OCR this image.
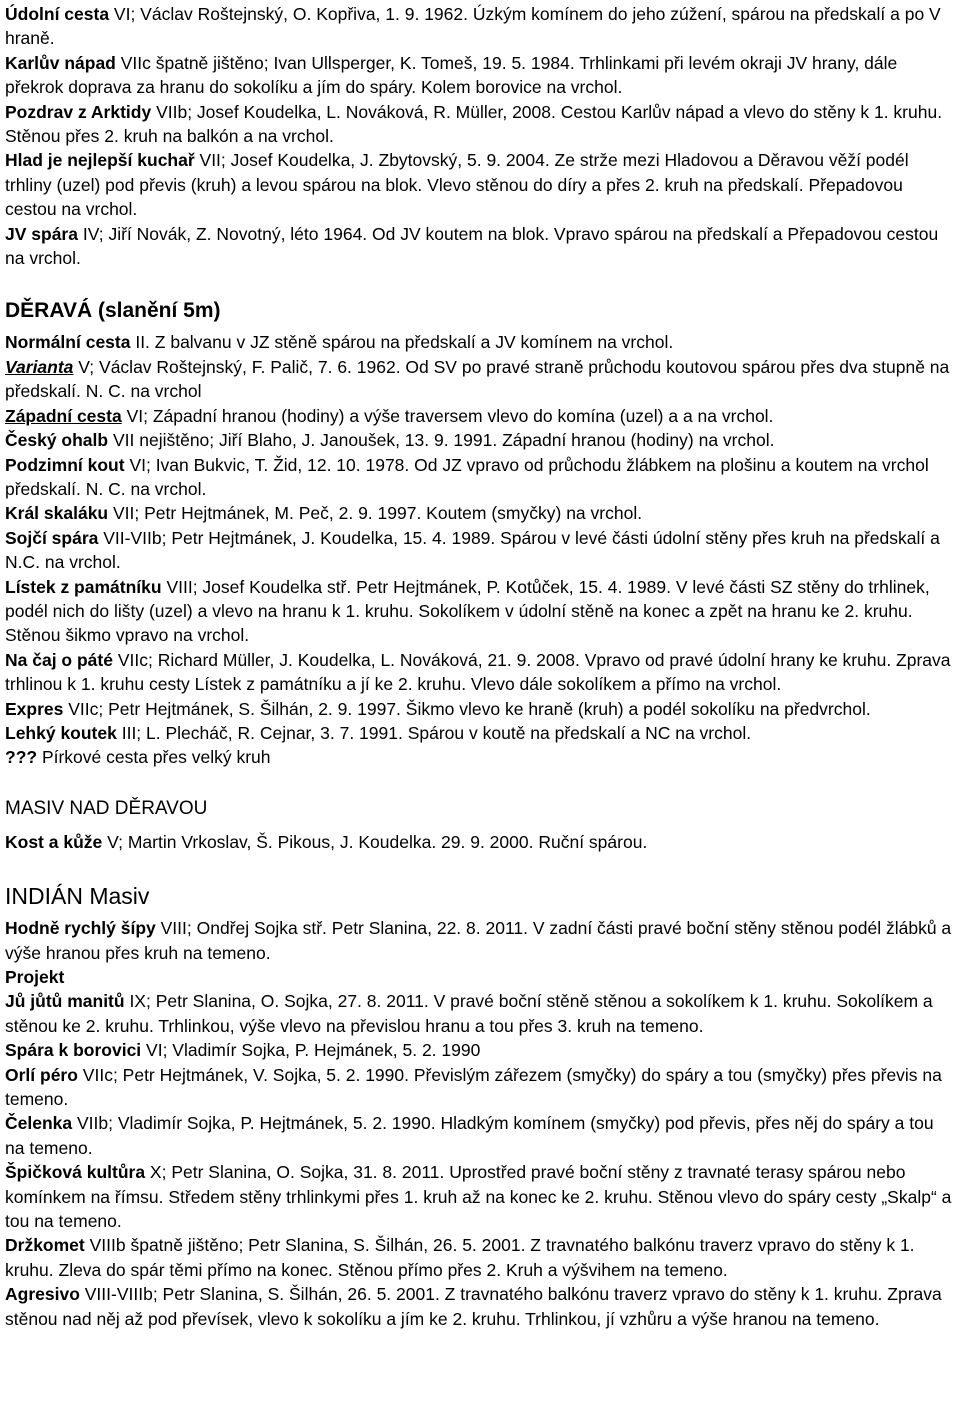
Údolní cesta VI; Václav Roštejnský, O. Kopřiva, 1. 9. 1962. Úzkým komínem do jeho zúžení, spárou na předskalí a po V hraně.

Karlův nápad VIIc špatně jištěno; Ivan Ullsperger, K. Tomeš, 19. 5. 1984. Trhlinkami při levém okraji JV hrany, dále překrok doprava za hranu do sokolíku a jím do spáry. Kolem borovice na vrchol.

Pozdrav z Arktidy VIIb; Josef Koudelka, L. Nováková, R. Müller, 2008. Cestou Karlův nápad a vlevo do stěny k 1. kruhu. Stěnou přes 2. kruh na balkón a na vrchol.

Hlad je nejlepší kuchař VII; Josef Koudelka, J. Zbytovský, 5. 9. 2004. Ze strže mezi Hladovou a Děravou věží podél trhliny (uzel) pod převis (kruh) a levou spárou na blok. Vlevo stěnou do díry a přes 2. kruh na předskalí. Přepadovou cestou na vrchol.

JV spára IV; Jiří Novák, Z. Novotný, léto 1964. Od JV koutem na blok. Vpravo spárou na předskalí a Přepadovou cestou na vrchol.

DĚRAVÁ (slanění 5m)

Normální cesta II. Z balvanu v JZ stěně spárou na předskalí a JV komínem na vrchol.

Varianta V; Václav Roštejnský, F. Palič, 7. 6. 1962. Od SV po pravé straně průchodu koutovou spárou přes dva stupně na předskalí. N. C. na vrchol

Západní cesta VI; Západní hranou (hodiny) a výše traversem vlevo do komína (uzel) a a na vrchol.

Český ohalb VII nejištěno; Jiří Blaho, J. Janoušek, 13. 9. 1991. Západní hranou (hodiny) na vrchol.

Podzimní kout VI; Ivan Bukvic, T. Žid, 12. 10. 1978. Od JZ vpravo od průchodu žlábkem na plošinu a koutem na vrchol předskalí. N. C. na vrchol.

Král skaláku VII; Petr Hejtmánek, M. Peč, 2. 9. 1997. Koutem (smyčky) na vrchol.

Sojčí spára VII-VIIb; Petr Hejtmánek, J. Koudelka, 15. 4. 1989. Spárou v levé části údolní stěny přes kruh na předskalí a N.C. na vrchol.

Lístek z památníku VIII; Josef Koudelka stř. Petr Hejtmánek, P. Kotůček, 15. 4. 1989. V levé části SZ stěny do trhlinek, podél nich do lišty (uzel) a vlevo na hranu k 1. kruhu. Sokolíkem v údolní stěně na konec a zpět na hranu ke 2. kruhu. Stěnou šikmo vpravo na vrchol.

Na čaj o páté VIIc; Richard Müller, J. Koudelka, L. Nováková, 21. 9. 2008. Vpravo od pravé údolní hrany ke kruhu. Zprava trhlinou k 1. kruhu cesty Lístek z památníku a jí ke 2. kruhu. Vlevo dále sokolíkem a přímo na vrchol.

Expres VIIc; Petr Hejtmánek, S. Šilhán, 2. 9. 1997. Šikmo vlevo ke hraně (kruh) a podél sokolíku na předvrchol.

Lehký koutek III; L. Plecháč, R. Cejnar, 3. 7. 1991. Spárou v koutě na předskalí a NC na vrchol.

??? Pírkové cesta přes velký kruh

MASIV NAD DĚRAVOU

Kost a kůže V; Martin Vrkoslav, Š. Pikous, J. Koudelka. 29. 9. 2000. Ruční spárou.

INDIÁN Masiv

Hodně rychlý šípy VIII; Ondřej Sojka stř. Petr Slanina, 22. 8. 2011. V zadní části pravé boční stěny stěnou podél žlábků a výše hranou přes kruh na temeno.

Projekt

Jů jůtů manitů IX; Petr Slanina, O. Sojka, 27. 8. 2011. V pravé boční stěně stěnou a sokolíkem k 1. kruhu. Sokolíkem a stěnou ke 2. kruhu. Trhlinkou, výše vlevo na převislou hranu a tou přes 3. kruh na temeno.

Spára k borovici VI; Vladimír Sojka, P. Hejmánek, 5. 2. 1990

Orlí péro VIIc; Petr Hejtmánek, V. Sojka, 5. 2. 1990. Převislým zářezem (smyčky) do spáry a tou (smyčky) přes převis na temeno.

Čelenka VIIb; Vladimír Sojka, P. Hejtmánek, 5. 2. 1990. Hladkým komínem (smyčky) pod převis, přes něj do spáry a tou na temeno.

Špičková kultůra X; Petr Slanina, O. Sojka, 31. 8. 2011. Uprostřed pravé boční stěny z travnaté terasy spárou nebo komínkem na římsu. Středem stěny trhlinkymi přes 1. kruh až na konec ke 2. kruhu. Stěnou vlevo do spáry cesty „Skalp“ a tou na temeno.

Držkomet VIIIb špatně jištěno; Petr Slanina, S. Šilhán, 26. 5. 2001. Z travnatého balkónu traverz vpravo do stěny k 1. kruhu. Zleva do spár těmi přímo na konec. Stěnou přímo přes 2. Kruh a výšvihem na temeno.

Agresivo VIII-VIIIb; Petr Slanina, S. Šilhán, 26. 5. 2001. Z travnatého balkónu traverz vpravo do stěny k 1. kruhu. Zprava stěnou nad něj až pod převísek, vlevo k sokolíku a jím ke 2. kruhu. Trhlinkou, jí vzhůru a výše hranou na temeno.
